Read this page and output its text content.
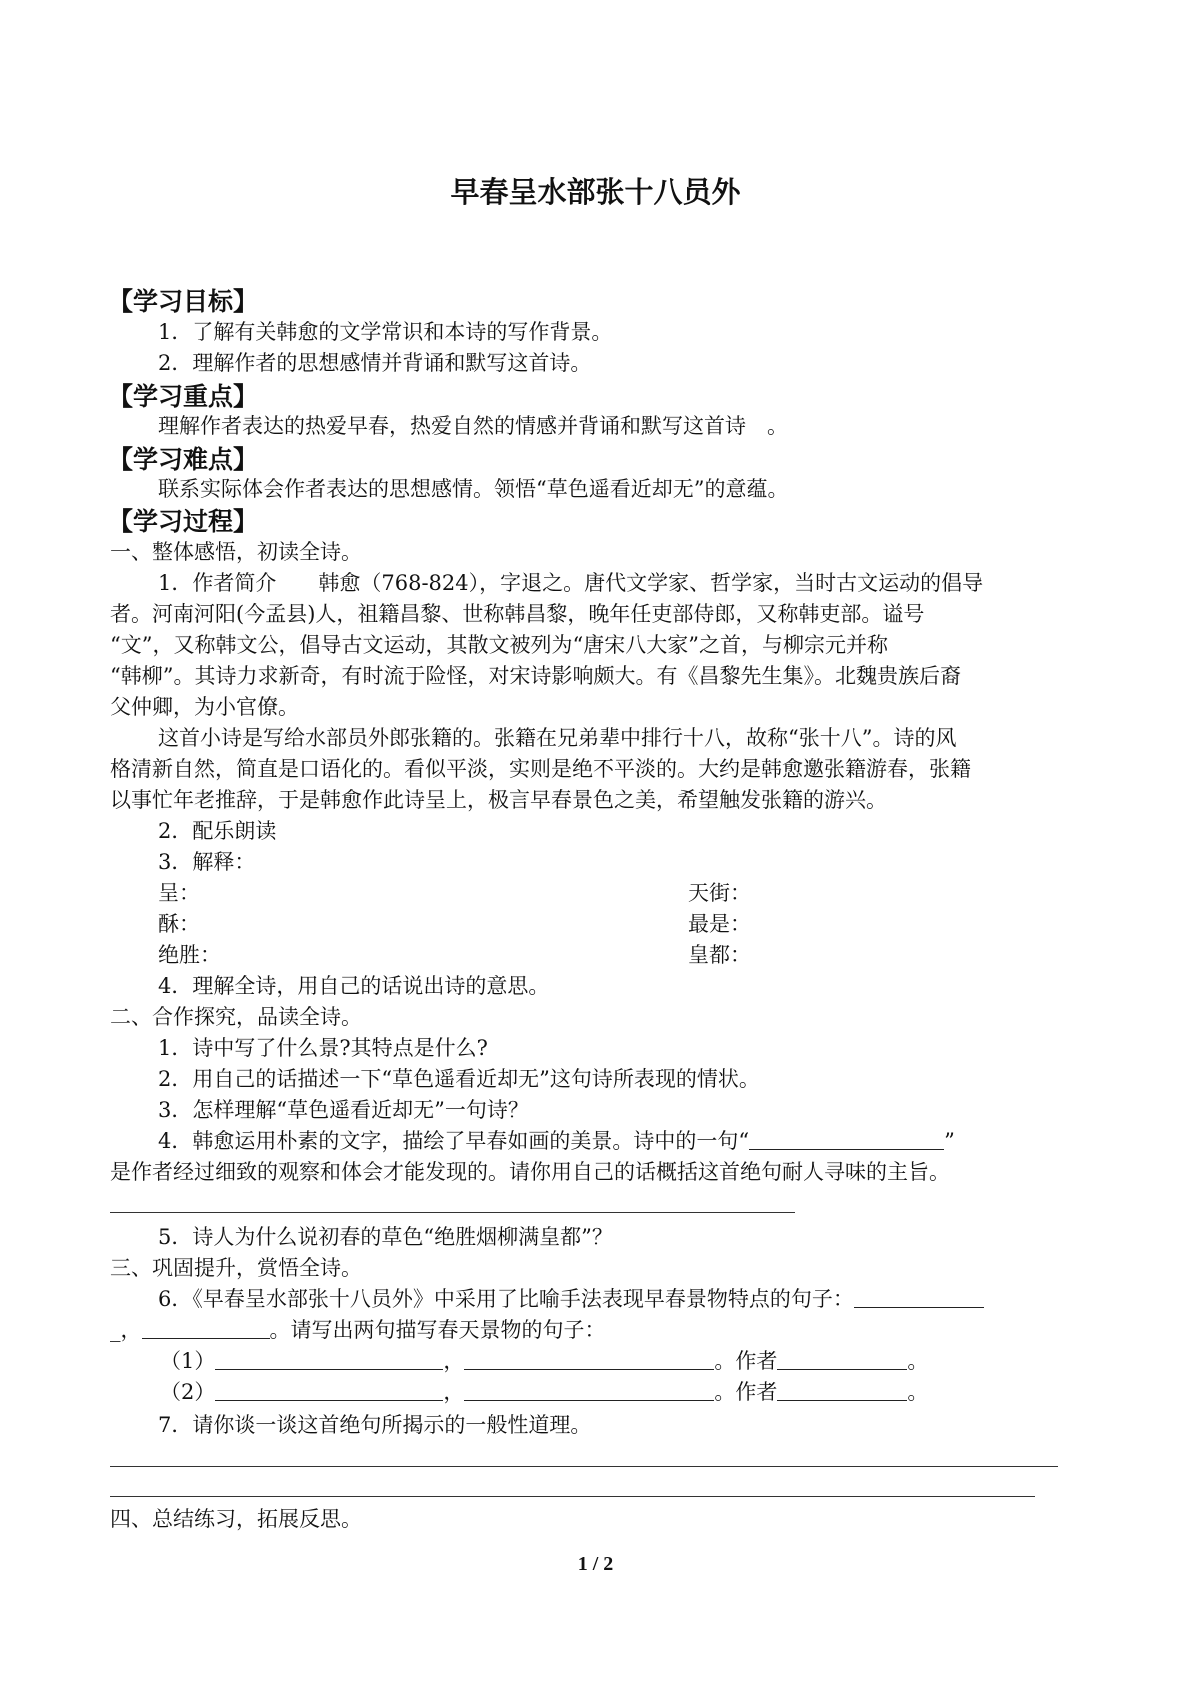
早春呈水部张十八员外
【学习目标】
1．了解有关韩愈的文学常识和本诗的写作背景。
2．理解作者的思想感情并背诵和默写这首诗。
【学习重点】
理解作者表达的热爱早春，热爱自然的情感并背诵和默写这首诗　。
【学习难点】
联系实际体会作者表达的思想感情。领悟“草色遥看近却无”的意蕴。
【学习过程】
一、整体感悟，初读全诗。
1．作者简介　　韩愈（768-824），字退之。唐代文学家、哲学家，当时古文运动的倡导
者。河南河阳(今孟县)人，祖籍昌黎、世称韩昌黎，晚年任吏部侍郎，又称韩吏部。谥号
“文”，又称韩文公，倡导古文运动，其散文被列为“唐宋八大家”之首，与柳宗元并称
“韩柳”。其诗力求新奇，有时流于险怪，对宋诗影响颇大。有《昌黎先生集》。北魏贵族后裔
父仲卿，为小官僚。
这首小诗是写给水部员外郎张籍的。张籍在兄弟辈中排行十八，故称“张十八”。诗的风
格清新自然，简直是口语化的。看似平淡，实则是绝不平淡的。大约是韩愈邀张籍游春，张籍
以事忙年老推辞，于是韩愈作此诗呈上，极言早春景色之美，希望触发张籍的游兴。
2．配乐朗读
3．解释：
呈：	天街：
酥：	最是：
绝胜：	皇都：
4．理解全诗，用自己的话说出诗的意思。
二、合作探究，品读全诗。
1．诗中写了什么景?其特点是什么?
2．用自己的话描述一下“草色遥看近却无”这句诗所表现的情状。
3．怎样理解“草色遥看近却无”一句诗？
4．韩愈运用朴素的文字，描绘了早春如画的美景。诗中的一句“	”
是作者经过细致的观察和体会才能发现的。请你用自己的话概括这首绝句耐人寻味的主旨。
5．诗人为什么说初春的草色“绝胜烟柳满皇都”？
三、巩固提升，赏悟全诗。
6．《早春呈水部张十八员外》中采用了比喻手法表现早春景物特点的句子：
_，	。请写出两句描写春天景物的句子：
（1）	，	。作者	。
（2）	，	。作者	。
7．请你谈一谈这首绝句所揭示的一般性道理。
四、总结练习，拓展反思。
1 / 2
